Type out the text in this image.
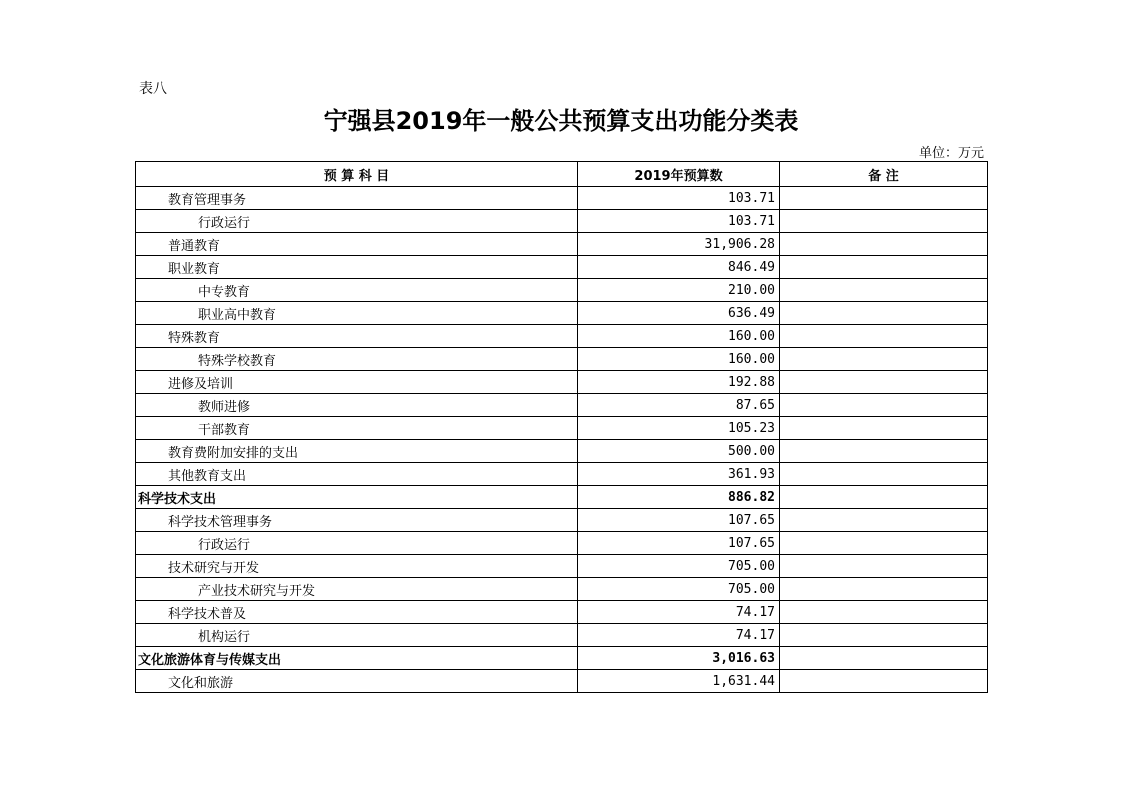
表八
宁强县2019年一般公共预算支出功能分类表
单位：万元
预 算 科 目	2019年预算数	备 注
教育管理事务	103.71	
行政运行	103.71	
普通教育	31,906.28	
职业教育	846.49	
中专教育	210.00	
职业高中教育	636.49	
特殊教育	160.00	
特殊学校教育	160.00	
进修及培训	192.88	
教师进修	87.65	
干部教育	105.23	
教育费附加安排的支出	500.00	
其他教育支出	361.93	
科学技术支出	886.82	
科学技术管理事务	107.65	
行政运行	107.65	
技术研究与开发	705.00	
产业技术研究与开发	705.00	
科学技术普及	74.17	
机构运行	74.17	
文化旅游体育与传媒支出	3,016.63	
文化和旅游	1,631.44	
